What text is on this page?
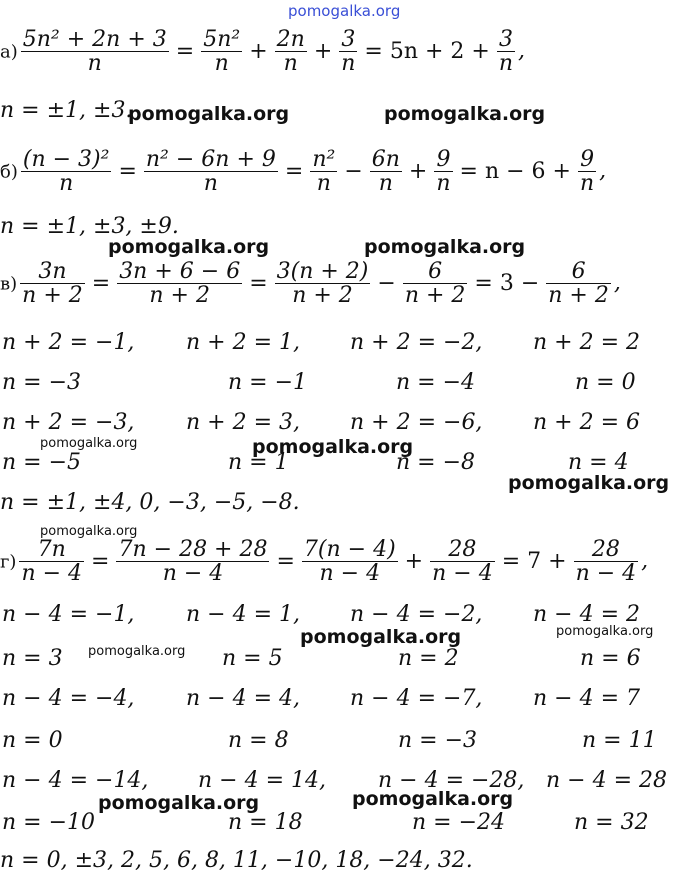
pomogalka.org
$а) \frac{\text{5n² + 2n + 3}}{n} = \frac{\text{5n²}}{n} + \frac{2n}{n} + \frac{3}{n} = 5n + 2 + \frac{3}{n}$ ,
n = ±1, ±3.
pomogalka.org	pomogalka.org
$б) \frac{\text{(n − 3)²}}{n} = \frac{\text{n² − 6n + 9}}{n} = \frac{\text{n²}}{n} - \frac{6n}{n} + \frac{9}{n} = n - 6 + \frac{9}{n}$ ,
n = ±1, ±3, ±9.
pomogalka.org	pomogalka.org
$в) \frac{3n}{n + 2} = \frac{3n + 6 - 6}{n + 2} = \frac{3(n + 2)}{n + 2} - \frac{6}{n + 2} = 3 - \frac{6}{n + 2}$ ,
n + 2 = −1, n + 2 = 1, n + 2 = −2, n + 2 = 2
n = −3	n = −1	n = −4	n = 0
n + 2 = −3, n + 2 = 3, n + 2 = −6, n + 2 = 6
pomogalka.org	pomogalka.org
n = −5	n = 1	n = −8	n = 4
pomogalka.org
n = ±1, ±4, 0, −3, −5, −8.
pomogalka.org
$г) \frac{7n}{n - 4} = \frac{7n - 28 + 28}{n - 4} = \frac{7(n - 4)}{n - 4} + \frac{28}{n - 4} = 7 + \frac{28}{n - 4}$ ,
n − 4 = −1, n − 4 = 1, n − 4 = −2, n − 4 = 2
pomogalka.org	pomogalka.org
n = 3 pomogalka.org n = 5	n = 2	n = 6
n − 4 = −4, n − 4 = 4, n − 4 = −7, n − 4 = 7
n = 0	n = 8	n = −3	n = 11
n − 4 = −14, n − 4 = 14, n − 4 = −28, n − 4 = 28
pomogalka.org	pomogalka.org
n = −10	n = 18	n = −24	n = 32
n = 0, ±3, 2, 5, 6, 8, 11, −10, 18, −24, 32.
